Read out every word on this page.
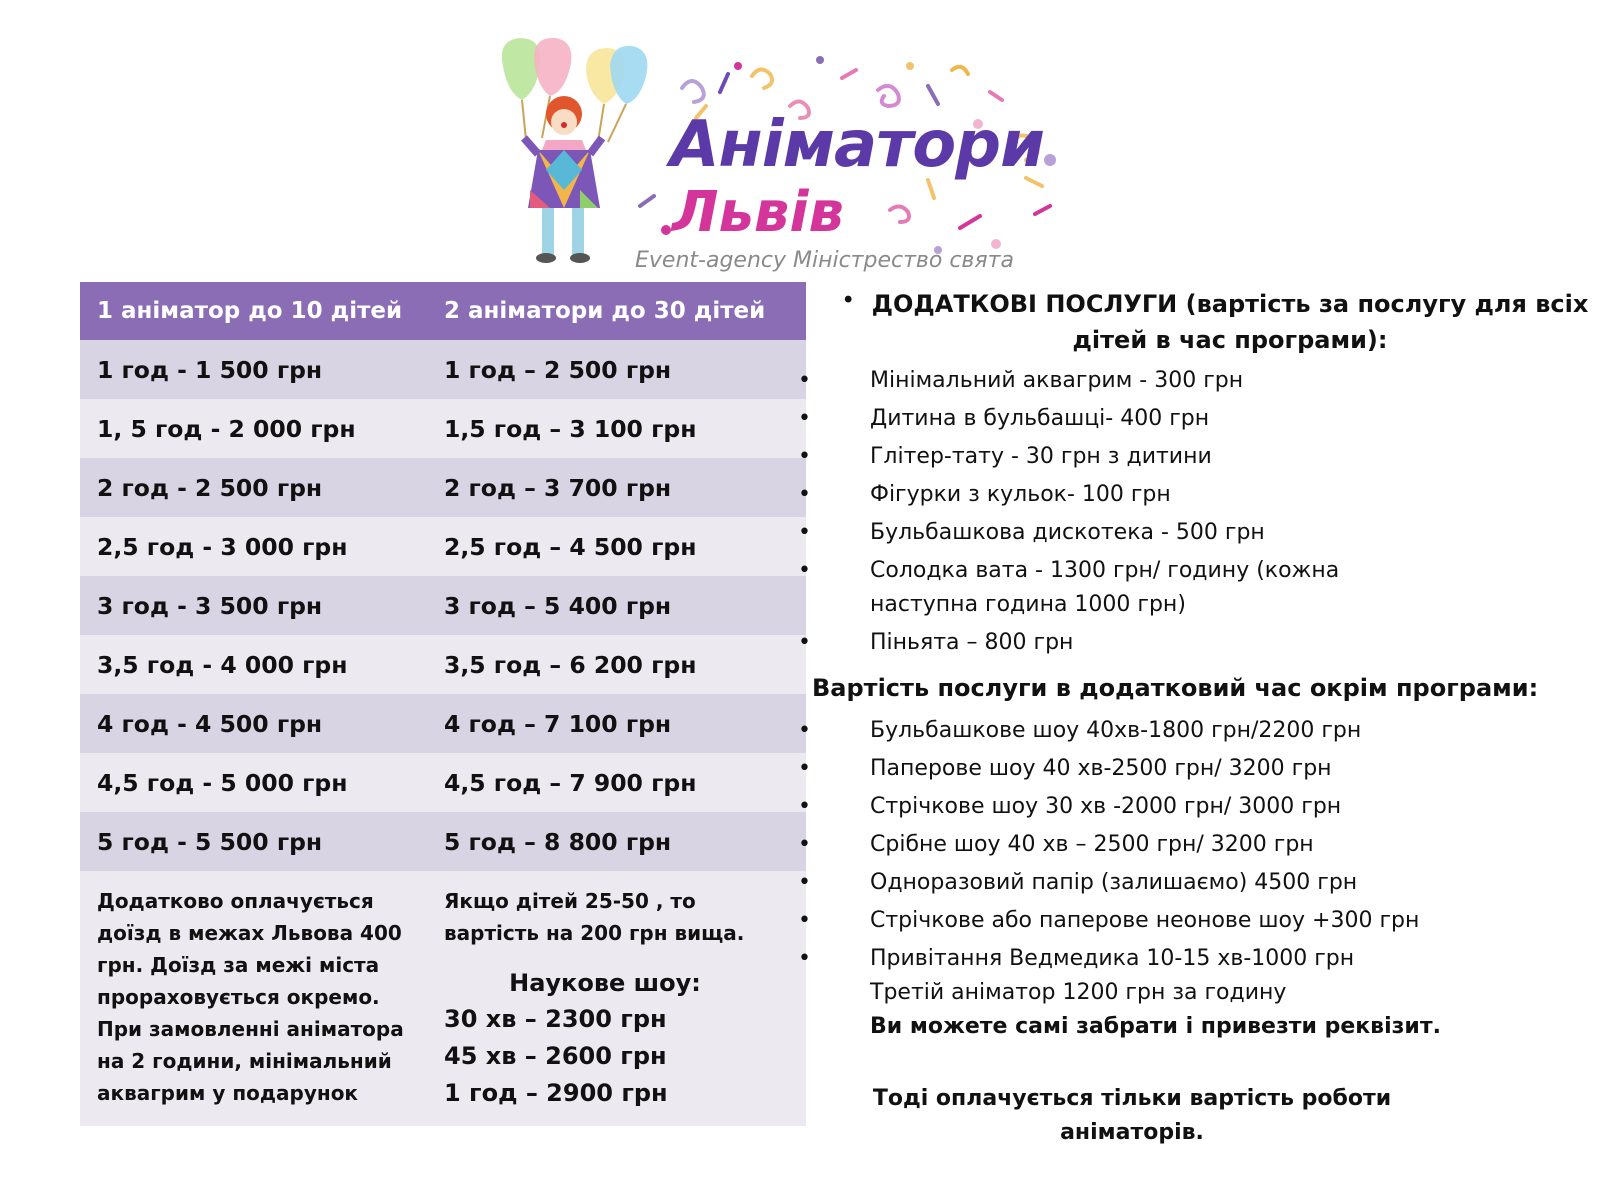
Аніматори

Львів

Event-agency Міністрество свята

1 аніматор до 10 дітей	2 аніматори до 30 дітей
1 год - 1 500 грн	1 год – 2 500 грн
1, 5 год - 2 000 грн	1,5 год – 3 100 грн
2 год - 2 500 грн	2 год – 3 700 грн
2,5 год - 3 000 грн	2,5 год – 4 500 грн
3 год - 3 500 грн	3 год – 5 400 грн
3,5 год - 4 000 грн	3,5 год – 6 200 грн
4 год - 4 500 грн	4 год – 7 100 грн
4,5 год - 5 000 грн	4,5 год – 7 900 грн
5 год - 5 500 грн	5 год – 8 800 грн

Додатково оплачується доїзд в межах Львова 400 грн. Доїзд за межі міста прораховується окремо. При замовленні аніматора на 2 години, мінімальний аквагрим у подарунок	Якщо дітей 25-50 , то вартість на 200 грн вища.

Наукове шоу:

30 хв – 2300 грн

45 хв – 2600 грн

1 год – 2900 грн

• ДОДАТКОВІ ПОСЛУГИ (вартість за послугу для всіх дітей в час програми):

•	Мінімальний аквагрим - 300 грн
•	Дитина в бульбашці- 400 грн
•	Глітер-тату - 30 грн з дитини
•	Фігурки з кульок- 100 грн
•	Бульбашкова дискотека - 500 грн
•	Солодка вата - 1300 грн/ годину (кожна наступна година 1000 грн)
•	Піньята – 800 грн

Вартість послуги в додатковий час окрім програми:

•	Бульбашкове шоу 40хв-1800 грн/2200 грн
•	Паперове шоу 40 хв-2500 грн/ 3200 грн
•	Стрічкове шоу 30 хв -2000 грн/ 3000 грн
•	Срібне шоу 40 хв – 2500 грн/ 3200 грн
•	Одноразовий папір (залишаємо) 4500 грн
•	Стрічкове або паперове неонове шоу +300 грн
•	Привітання Ведмедика 10-15 хв-1000 грн
Третій аніматор 1200 грн за годину
Ви можете самі забрати і привезти реквізит.

Тоді оплачується тільки вартість роботи аніматорів.
